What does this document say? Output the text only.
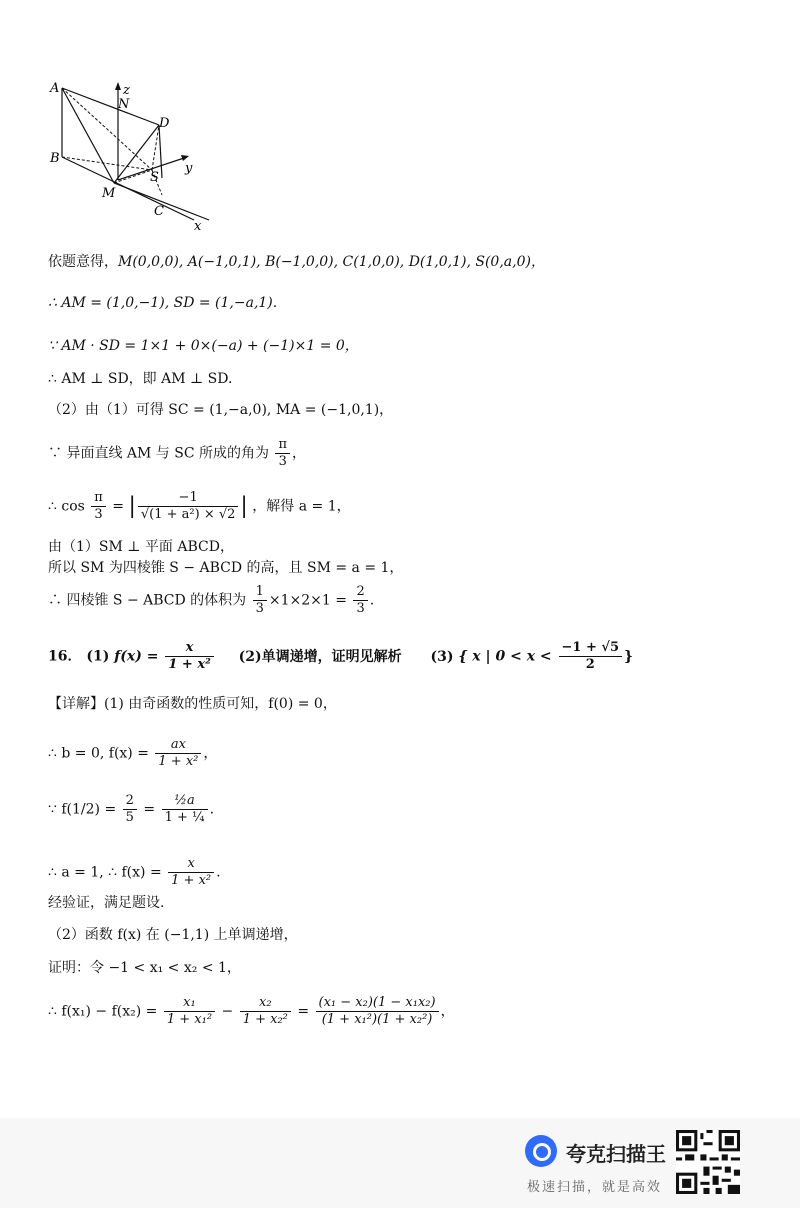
A
B
C
D
M
N
S
x
y
z
依题意得，M(0,0,0), A(−1,0,1), B(−1,0,0), C(1,0,0), D(1,0,1), S(0,a,0)，
∴ AM = (1,0,−1), SD = (1,−a,1).
∵ AM · SD = 1×1 + 0×(−a) + (−1)×1 = 0，
∴ AM ⊥ SD，即 AM ⊥ SD.
（2）由（1）可得 SC = (1,−a,0), MA = (−1,0,1)，
∵ 异面直线 AM 与 SC 所成的角为 $\frac{\pi}{3}$ ，
∴ $\cos \frac{\pi}{3}$ = | $\frac{-1}{\text{√(1 + a²) × √2}}$ | ，解得 a = 1，
由（1）SM ⊥ 平面 ABCD，
所以 SM 为四棱锥 S − ABCD 的高，且 SM = a = 1，
∴ 四棱锥 S − ABCD 的体积为 $\frac{1}{3} \times 1\times 2\times 1 = \frac{2}{3}$ .
16． (1) $f(x) = \frac{x}{\text{1 + x²}} (2)$单调递增，证明见解析 (3) { x | $0 < x < \frac{-1 + √5}{2}$ }
【详解】(1) 由奇函数的性质可知，f(0) = 0，
∴ b = 0, $f(x) = \frac{ax}{\text{1 + x²}}$ ，
∵ $f(1/2) = \frac{2}{5} = \frac{\text{½a}}{\text{1 + ¼}}$ .
∴ a = 1, ∴ $f(x) = \frac{x}{\text{1 + x²}}$ .
经验证，满足题设.
（2）函数 f(x) 在 (−1,1) 上单调递增，
证明：令 −1 < x₁ < x₂ < 1，
∴ $f(x_1) - f(x_2) = \frac{\text{x₁}}{\text{1 + x₁²}} - \frac{\text{x₂}}{\text{1 + x₂²}} = \frac{\text{(x₁ − x₂)(1 − x₁x₂)}}{\text{(1 + x₁²)(1 + x₂²)}}$ ，
夸克扫描王
极速扫描，就是高效
